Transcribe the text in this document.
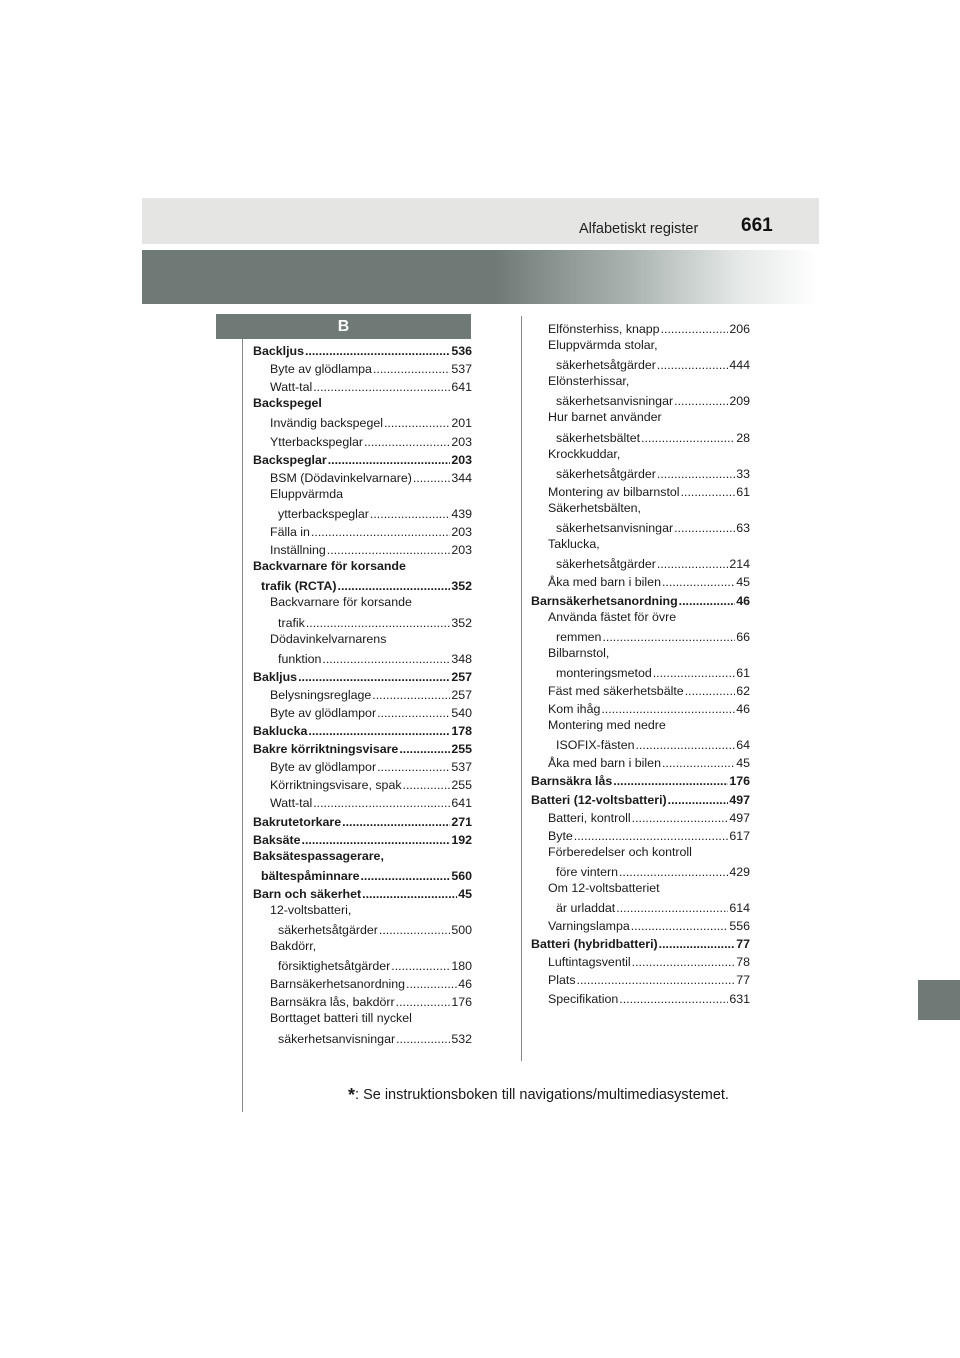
Alfabetiskt register 661
B
Backljus .....	536
Byte av glödlampa .....	537
Watt-tal .....	641
Backspegel
Invändig backspegel .....	201
Ytterbackspeglar .....	203
Backspeglar .....	203
BSM (Dödavinkelvarnare) .....	344
Eluppvärmda
ytterbackspeglar .....	439
Fälla in .....	203
Inställning .....	203
Backvarnare för korsande
trafik (RCTA) .....	352
Backvarnare för korsande
trafik .....	352
Dödavinkelvarnarens
funktion .....	348
Bakljus .....	257
Belysningsreglage .....	257
Byte av glödlampor .....	540
Baklucka .....	178
Bakre körriktningsvisare .....	255
Byte av glödlampor .....	537
Körriktningsvisare, spak .....	255
Watt-tal .....	641
Bakrutetorkare .....	271
Baksäte .....	192
Baksätespassagerare,
bältespåminnare .....	560
Barn och säkerhet .....	45
12-voltsbatteri,
säkerhetsåtgärder .....	500
Bakdörr,
försiktighetsåtgärder .....	180
Barnsäkerhetsanordning .....	46
Barnsäkra lås, bakdörr .....	176
Borttaget batteri till nyckel
säkerhetsanvisningar .....	532
Elfönsterhiss, knapp .....	206
Eluppvärmda stolar,
säkerhetsåtgärder .....	444
Elönsterhissar,
säkerhetsanvisningar .....	209
Hur barnet använder
säkerhetsbältet .....	28
Krockkuddar,
säkerhetsåtgärder .....	33
Montering av bilbarnstol .....	61
Säkerhetsbälten,
säkerhetsanvisningar .....	63
Taklucka,
säkerhetsåtgärder .....	214
Åka med barn i bilen .....	45
Barnsäkerhetsanordning .....	46
Använda fästet för övre
remmen .....	66
Bilbarnstol,
monteringsmetod .....	61
Fäst med säkerhetsbälte .....	62
Kom ihåg .....	46
Montering med nedre
ISOFIX-fästen .....	64
Åka med barn i bilen .....	45
Barnsäkra lås .....	176
Batteri (12-voltsbatteri) .....	497
Batteri, kontroll .....	497
Byte .....	617
Förberedelser och kontroll
före vintern .....	429
Om 12-voltsbatteriet
är urladdat .....	614
Varningslampa .....	556
Batteri (hybridbatteri) .....	77
Luftintagsventil .....	78
Plats .....	77
Specifikation .....	631
*: Se instruktionsboken till navigations/multimediasystemet.
